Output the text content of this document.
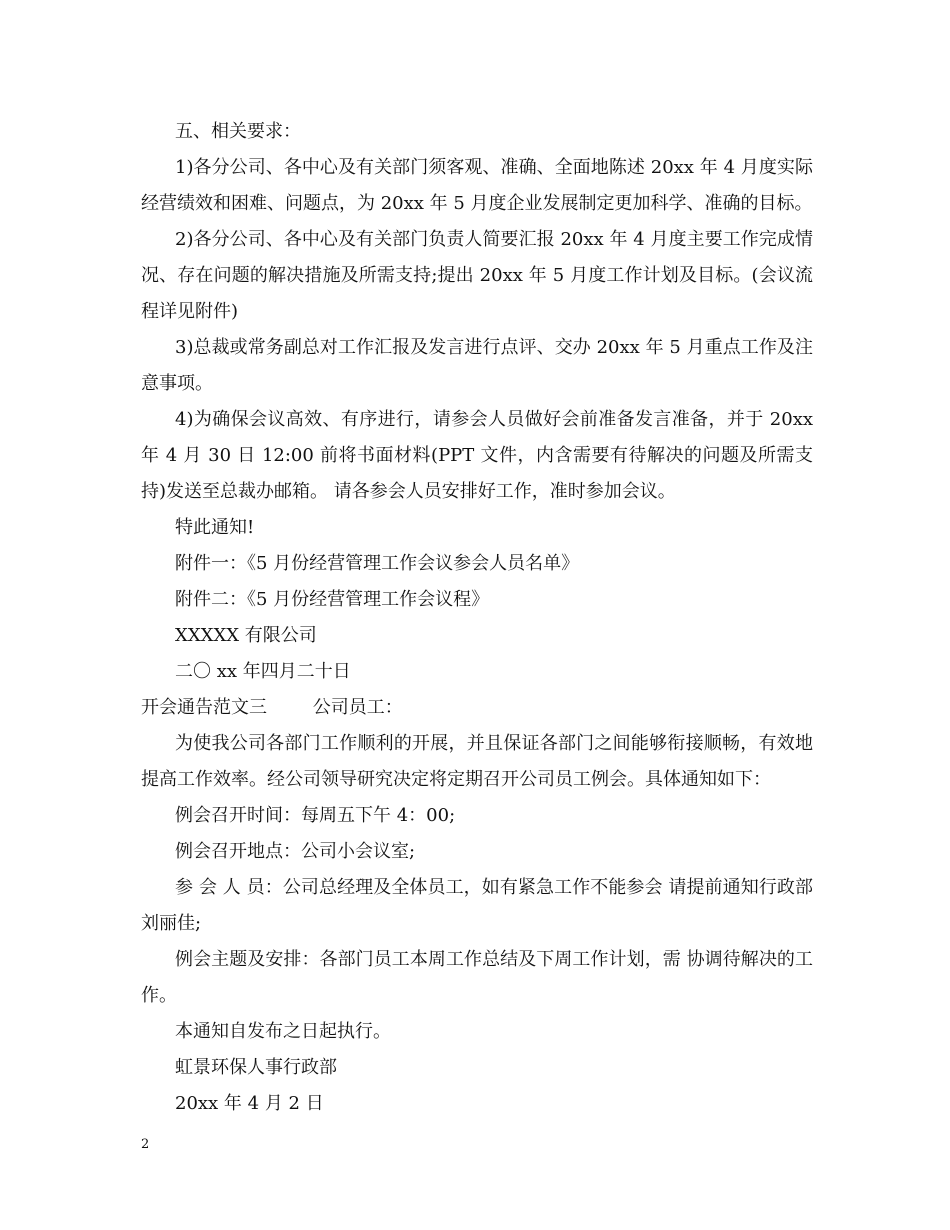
五、相关要求：

1)各分公司、各中心及有关部门须客观、准确、全面地陈述 20xx 年 4 月度实际经营绩效和困难、问题点，为 20xx 年 5 月度企业发展制定更加科学、准确的目标。

2)各分公司、各中心及有关部门负责人简要汇报 20xx 年 4 月度主要工作完成情况、存在问题的解决措施及所需支持;提出 20xx 年 5 月度工作计划及目标。(会议流程详见附件)

3)总裁或常务副总对工作汇报及发言进行点评、交办 20xx 年 5 月重点工作及注意事项。

4)为确保会议高效、有序进行，请参会人员做好会前准备发言准备，并于 20xx 年 4 月 30 日 12:00 前将书面材料(PPT 文件，内含需要有待解决的问题及所需支持)发送至总裁办邮箱。 请各参会人员安排好工作，准时参加会议。

特此通知!

附件一：《5 月份经营管理工作会议参会人员名单》

附件二：《5 月份经营管理工作会议程》

XXXXX 有限公司

二〇 xx 年四月二十日

开会通告范文三        公司员工：

为使我公司各部门工作顺利的开展，并且保证各部门之间能够衔接顺畅，有效地提高工作效率。经公司领导研究决定将定期召开公司员工例会。具体通知如下：

例会召开时间：每周五下午 4：00;

例会召开地点：公司小会议室;

参 会 人 员：公司总经理及全体员工，如有紧急工作不能参会 请提前通知行政部刘丽佳;

例会主题及安排：各部门员工本周工作总结及下周工作计划，需 协调待解决的工作。

本通知自发布之日起执行。

虹景环保人事行政部

20xx 年 4 月 2 日

2
